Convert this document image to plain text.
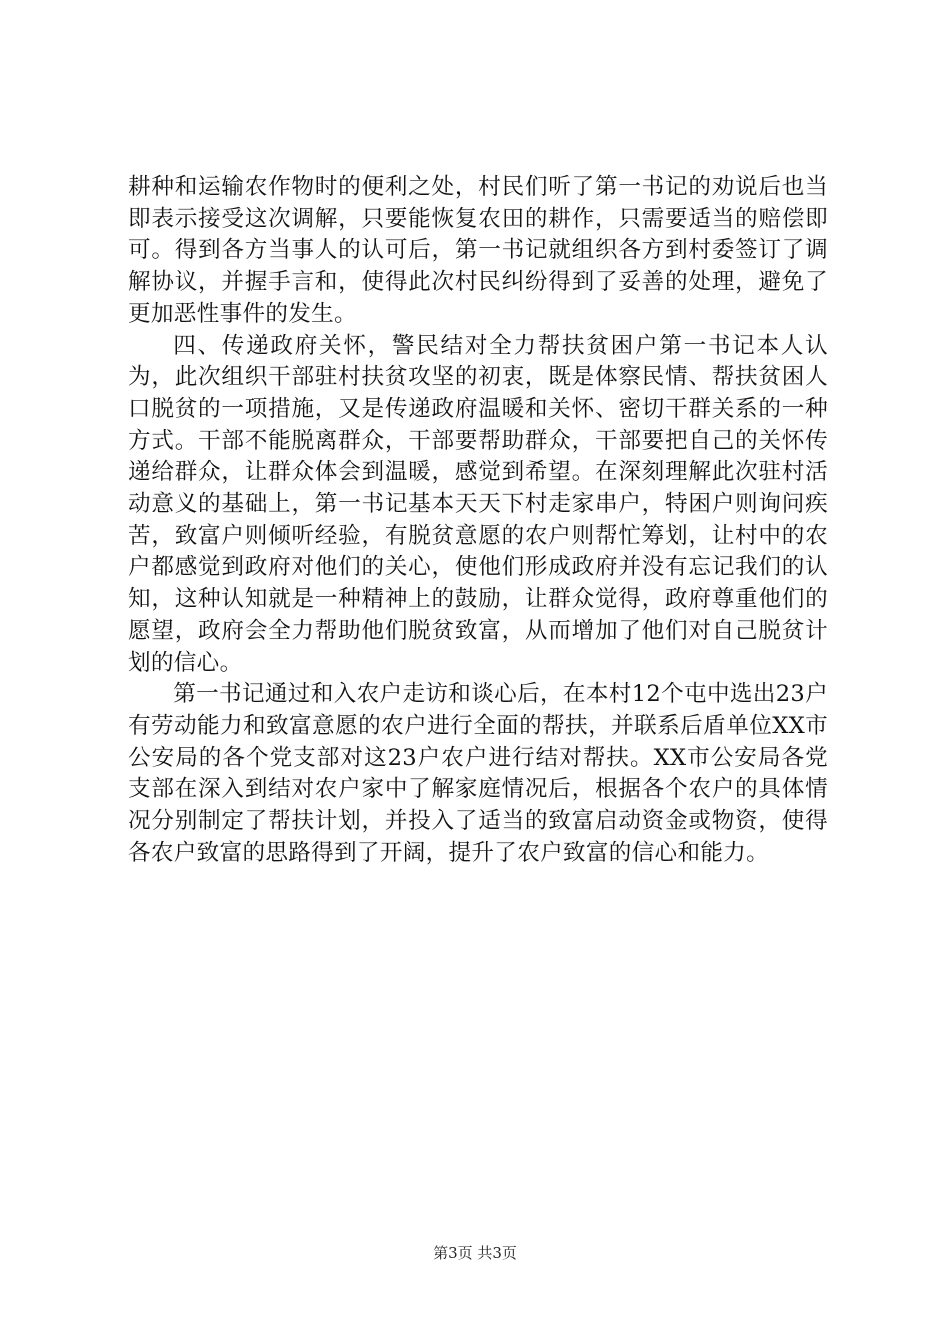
耕种和运输农作物时的便利之处，村民们听了第一书记的劝说后也当即表示接受这次调解，只要能恢复农田的耕作，只需要适当的赔偿即可。得到各方当事人的认可后，第一书记就组织各方到村委签订了调解协议，并握手言和，使得此次村民纠纷得到了妥善的处理，避免了更加恶性事件的发生。

四、传递政府关怀，警民结对全力帮扶贫困户第一书记本人认为，此次组织干部驻村扶贫攻坚的初衷，既是体察民情、帮扶贫困人口脱贫的一项措施，又是传递政府温暖和关怀、密切干群关系的一种方式。干部不能脱离群众，干部要帮助群众，干部要把自己的关怀传递给群众，让群众体会到温暖，感觉到希望。在深刻理解此次驻村活动意义的基础上，第一书记基本天天下村走家串户，特困户则询问疾苦，致富户则倾听经验，有脱贫意愿的农户则帮忙筹划，让村中的农户都感觉到政府对他们的关心，使他们形成政府并没有忘记我们的认知，这种认知就是一种精神上的鼓励，让群众觉得，政府尊重他们的愿望，政府会全力帮助他们脱贫致富，从而增加了他们对自己脱贫计划的信心。

第一书记通过和入农户走访和谈心后，在本村12个屯中选出23户有劳动能力和致富意愿的农户进行全面的帮扶，并联系后盾单位XX市公安局的各个党支部对这23户农户进行结对帮扶。XX市公安局各党支部在深入到结对农户家中了解家庭情况后，根据各个农户的具体情况分别制定了帮扶计划，并投入了适当的致富启动资金或物资，使得各农户致富的思路得到了开阔，提升了农户致富的信心和能力。

第3页 共3页
